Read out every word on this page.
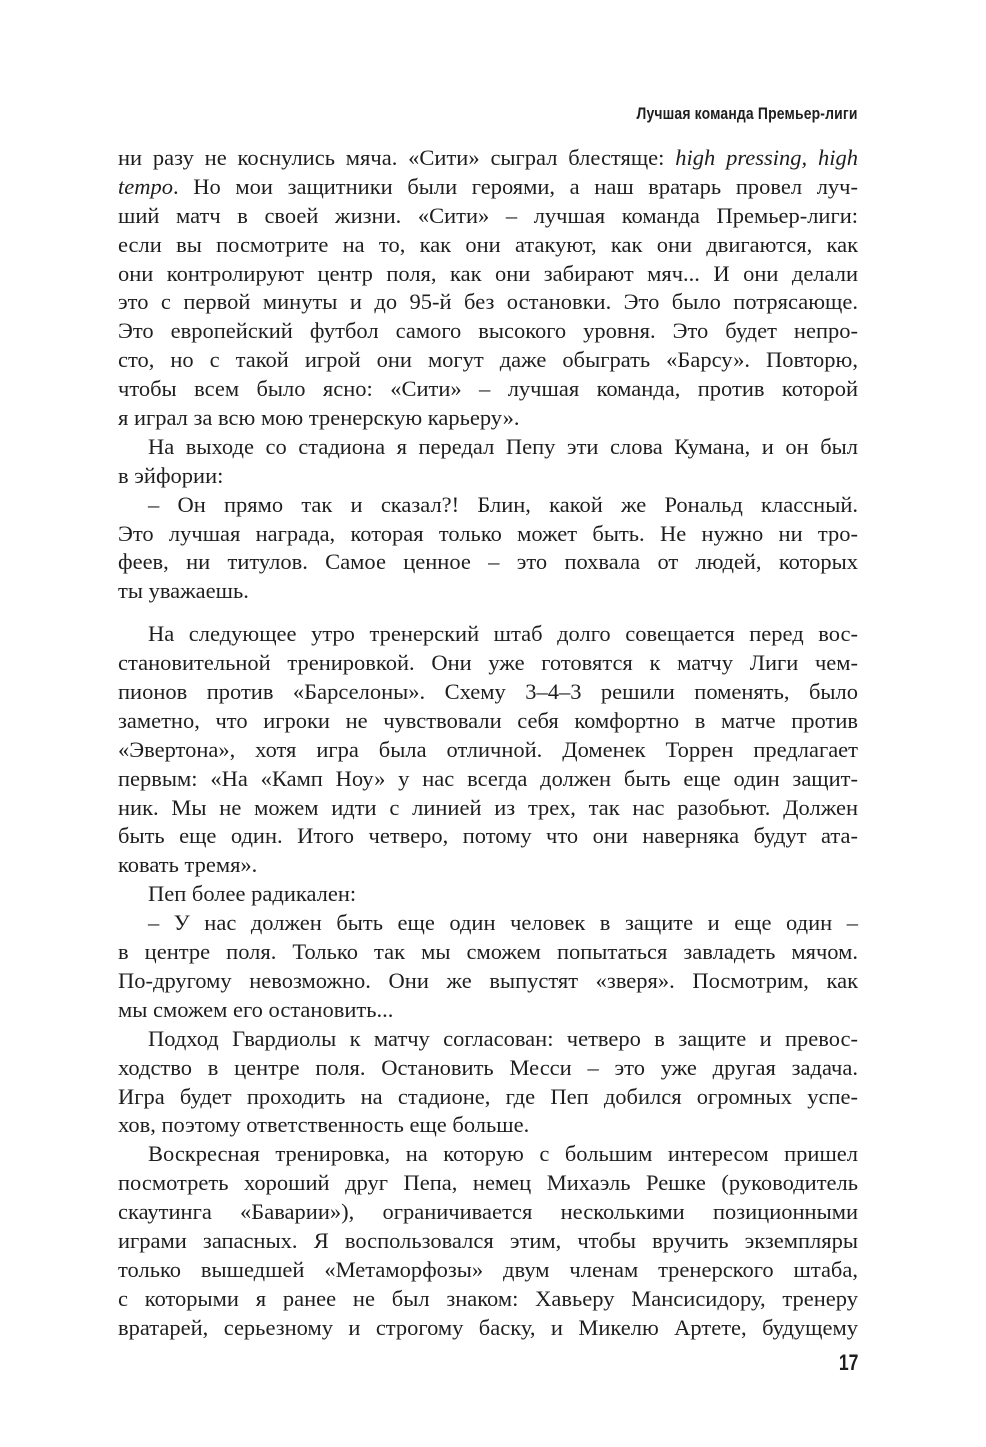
Лучшая команда Премьер-лиги
ни разу не коснулись мяча. «Сити» сыграл блестяще: high pressing, high
tempo. Но мои защитники были героями, а наш вратарь провел луч-
ший матч в своей жизни. «Сити» – лучшая команда Премьер-лиги:
если вы посмотрите на то, как они атакуют, как они двигаются, как
они контролируют центр поля, как они забирают мяч... И они делали
это с первой минуты и до 95-й без остановки. Это было потрясающе.
Это европейский футбол самого высокого уровня. Это будет непро-
сто, но с такой игрой они могут даже обыграть «Барсу». Повторю,
чтобы всем было ясно: «Сити» – лучшая команда, против которой
я играл за всю мою тренерскую карьеру».
На выходе со стадиона я передал Пепу эти слова Кумана, и он был
в эйфории:
– Он прямо так и сказал?! Блин, какой же Рональд классный.
Это лучшая награда, которая только может быть. Не нужно ни тро-
феев, ни титулов. Самое ценное – это похвала от людей, которых
ты уважаешь.
На следующее утро тренерский штаб долго совещается перед вос-
становительной тренировкой. Они уже готовятся к матчу Лиги чем-
пионов против «Барселоны». Схему 3–4–3 решили поменять, было
заметно, что игроки не чувствовали себя комфортно в матче против
«Эвертона», хотя игра была отличной. Доменек Торрен предлагает
первым: «На «Камп Ноу» у нас всегда должен быть еще один защит-
ник. Мы не можем идти с линией из трех, так нас разобьют. Должен
быть еще один. Итого четверо, потому что они наверняка будут ата-
ковать тремя».
Пеп более радикален:
– У нас должен быть еще один человек в защите и еще один –
в центре поля. Только так мы сможем попытаться завладеть мячом.
По-другому невозможно. Они же выпустят «зверя». Посмотрим, как
мы сможем его остановить...
Подход Гвардиолы к матчу согласован: четверо в защите и превос-
ходство в центре поля. Остановить Месси – это уже другая задача.
Игра будет проходить на стадионе, где Пеп добился огромных успе-
хов, поэтому ответственность еще больше.
Воскресная тренировка, на которую с большим интересом пришел
посмотреть хороший друг Пепа, немец Михаэль Решке (руководитель
скаутинга «Баварии»), ограничивается несколькими позиционными
играми запасных. Я воспользовался этим, чтобы вручить экземпляры
только вышедшей «Метаморфозы» двум членам тренерского штаба,
с которыми я ранее не был знаком: Хавьеру Мансисидору, тренеру
вратарей, серьезному и строгому баску, и Микелю Артете, будущему
17
